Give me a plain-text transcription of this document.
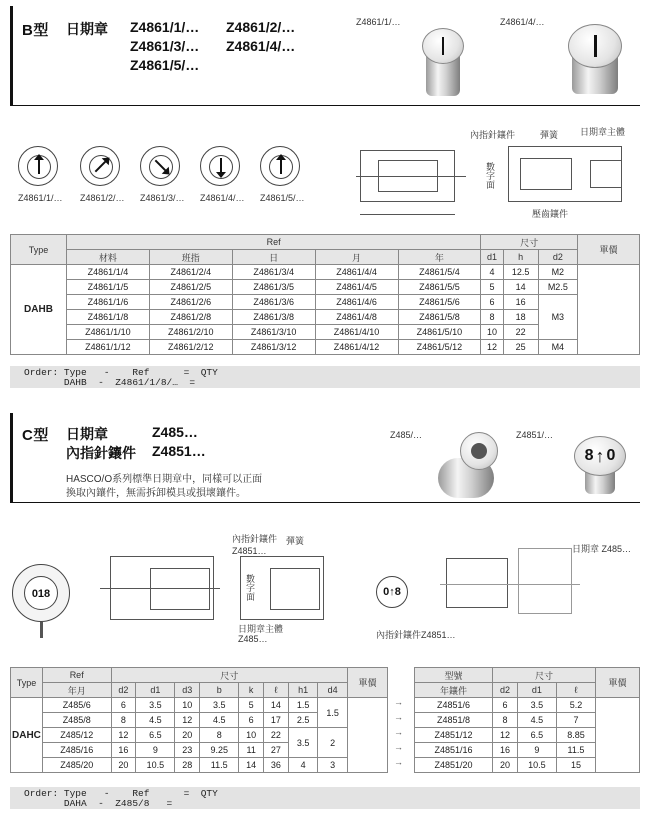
B型 日期章 Z4861/1/… Z4861/2/…
Z4861/3/… Z4861/4/…
Z4861/5/…
Z4861/1/…	Z4861/4/…
Z4861/1/… Z4861/2/… Z4861/3/… Z4861/4/… Z4861/5/…
內指針鑲件	彈簧 日期章主體
壓齒鑲件
數字面
Type	Ref					尺寸			單價
	材料	班指	日	月	年	d1	h	d2	
DAHB	Z4861/1/4	Z4861/2/4	Z4861/3/4	Z4861/4/4	Z4861/5/4	4	12.5	M2	
	Z4861/1/5	Z4861/2/5	Z4861/3/5	Z4861/4/5	Z4861/5/5	5	14	M2.5	
	Z4861/1/6	Z4861/2/6	Z4861/3/6	Z4861/4/6	Z4861/5/6	6	16	M3	
	Z4861/1/8	Z4861/2/8	Z4861/3/8	Z4861/4/8	Z4861/5/8	8	18		
	Z4861/1/10	Z4861/2/10	Z4861/3/10	Z4861/4/10	Z4861/5/10	10	22		
	Z4861/1/12	Z4861/2/12	Z4861/3/12	Z4861/4/12	Z4861/5/12	12	25	M4	
Order: Type   -    Ref      =  QTY
DAHB  -  Z4861/1/8/…  =
C型 日期章	Z485…
內指針鑲件 Z4851…
HASCO/O系列標準日期章中，同樣可以正面
換取內鑲件，無需拆卸模具或損壞鑲件。
Z485/…	Z4851/…
8 ↑ 0
018
內指針鑲件
Z4851…
彈簧
日期章主體
Z485…
數字面	0↑8
日期章 Z485…
內指針鑲件Z4851…
Type	Ref	尺寸								單價
	年月	d2	d1	d3	b	k	ℓ	h1	d4	
DAHC	Z485/6	6	3.5	10	3.5	5	14	1.5	1.5	
	Z485/8	8	4.5	12	4.5	6	17	2.5		
	Z485/12	12	6.5	20	8	10	22	3.5	2	
	Z485/16	16	9	23	9.25	11	27			
	Z485/20	20	10.5	28	11.5	14	36	4	3	
→
→
→
→
→
型號	尺寸			單價
年鑲件	d2	d1	ℓ	
Z4851/6	6	3.5	5.2	
Z4851/8	8	4.5	7	
Z4851/12	12	6.5	8.85	
Z4851/16	16	9	11.5	
Z4851/20	20	10.5	15	
Order: Type   -    Ref      =  QTY
DAHA  -  Z485/8   =
